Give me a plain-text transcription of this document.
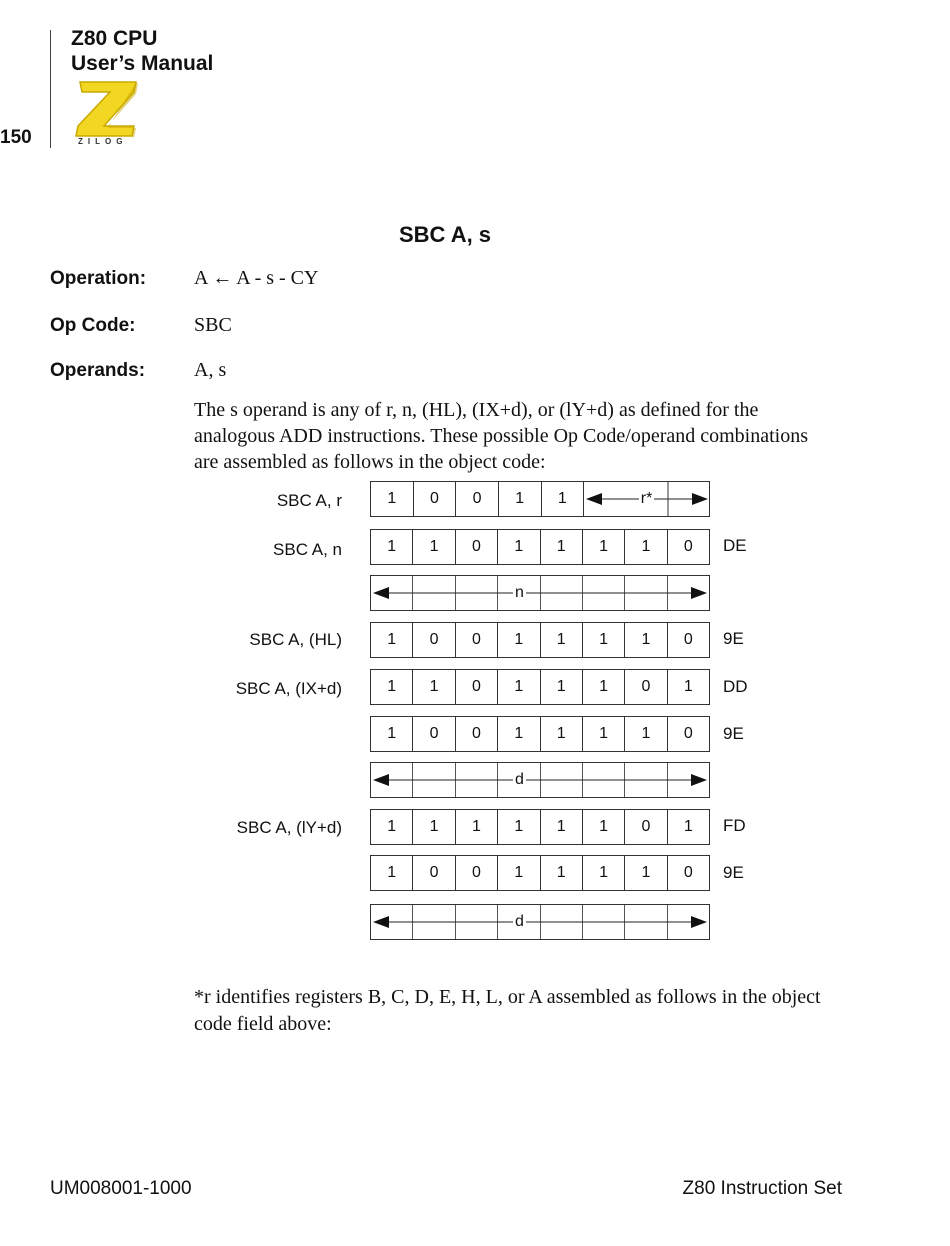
Z80 CPU
User’s Manual
150	ZILOG
SBC A, s
Operation: A ← A - s - CY
Op Code:	SBC
Operands: A, s
The s operand is any of r, n, (HL), (IX+d), or (lY+d) as defined for the analogous ADD instructions. These possible Op Code/operand combinations are assembled as follows in the object code:
SBC A, r	1	0	0	1	1	r*
SBC A, n	1	1	0	1	1	1	1	0	DE
n
SBC A, (HL)	1	0	0	1	1	1	1	0	9E
SBC A, (IX+d)	1	1	0	1	1	1	0	1	DD
1	0	0	1	1	1	1	0	9E
d
SBC A, (lY+d)	1	1	1	1	1	1	0	1	FD
1	0	0	1	1	1	1	0	9E
d
*r identifies registers B, C, D, E, H, L, or A assembled as follows in the object code field above:
UM008001-1000	Z80 Instruction Set
